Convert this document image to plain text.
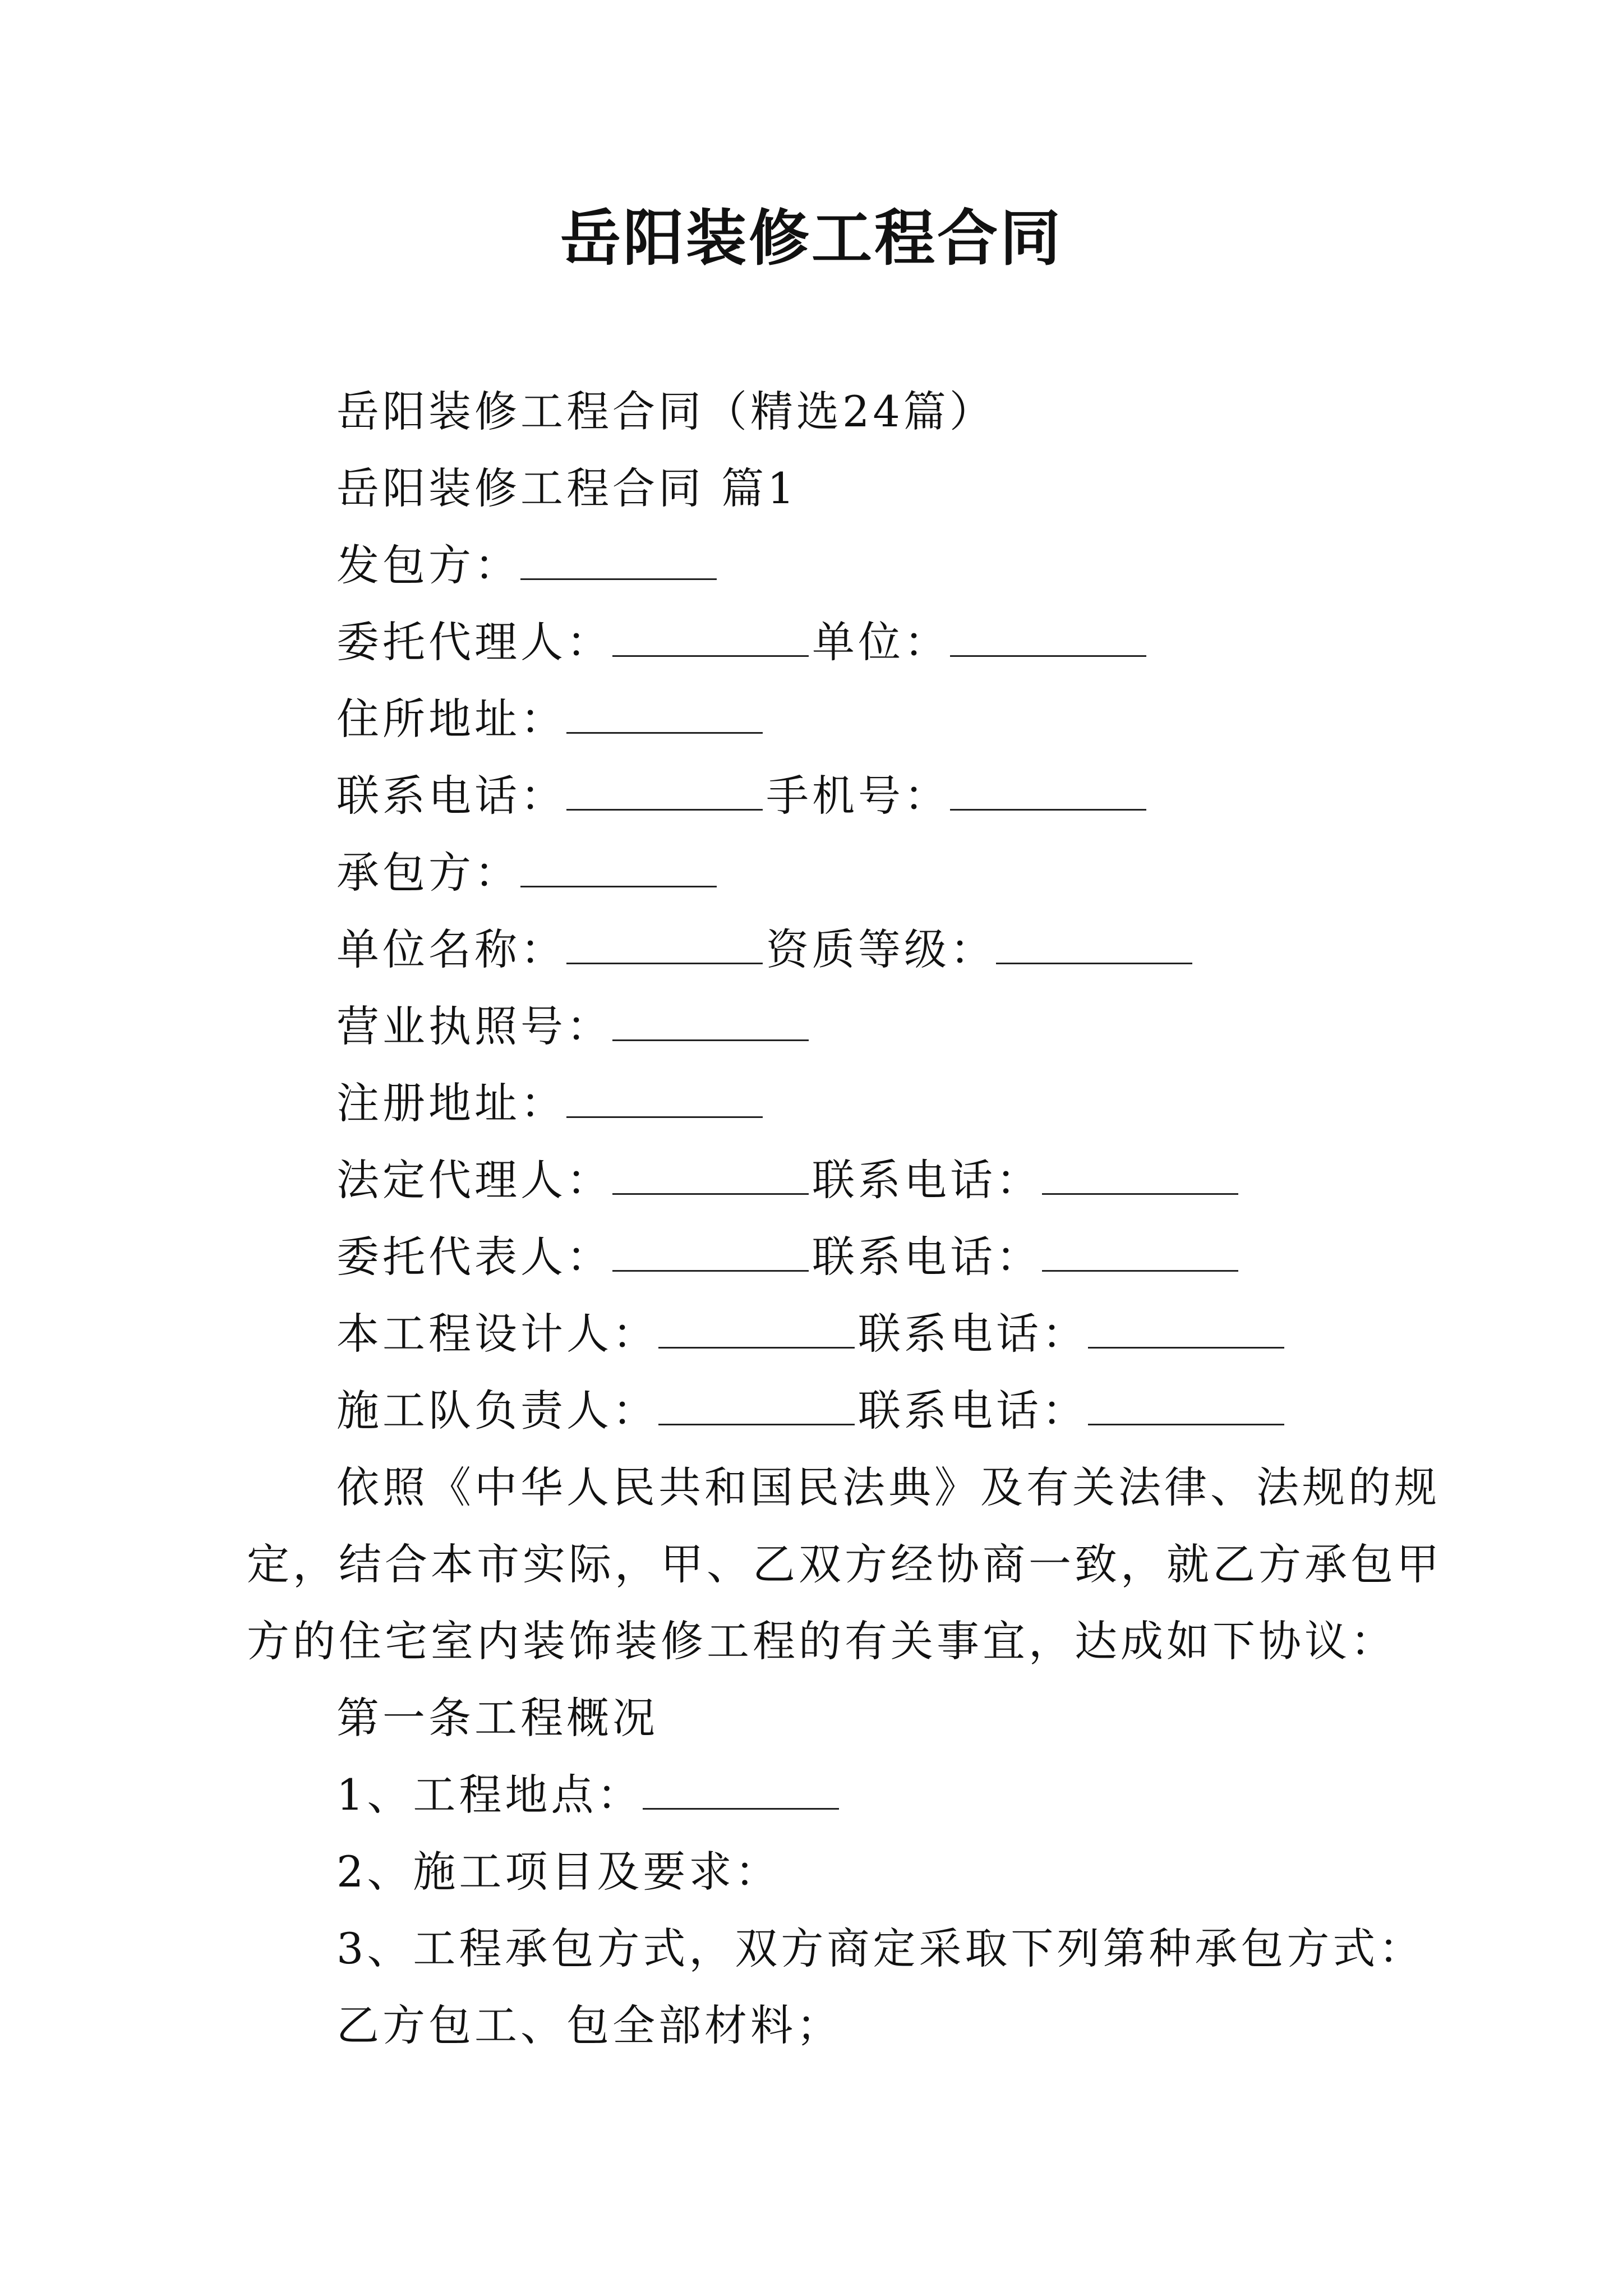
岳阳装修工程合同
岳阳装修工程合同（精选24篇）
岳阳装修工程合同 篇1
发包方：
委托代理人：	单位：
住所地址：
联系电话：	手机号：
承包方：
单位名称：	资质等级：
营业执照号：
注册地址：
法定代理人：	联系电话：
委托代表人：	联系电话：
本工程设计人：	联系电话：
施工队负责人：	联系电话：
依照《中华人民共和国民法典》及有关法律、法规的规
定，结合本市实际，甲、乙双方经协商一致，就乙方承包甲
方的住宅室内装饰装修工程的有关事宜，达成如下协议：
第一条工程概况
1、工程地点：
2、施工项目及要求：
3、工程承包方式，双方商定采取下列第种承包方式：
乙方包工、包全部材料；
